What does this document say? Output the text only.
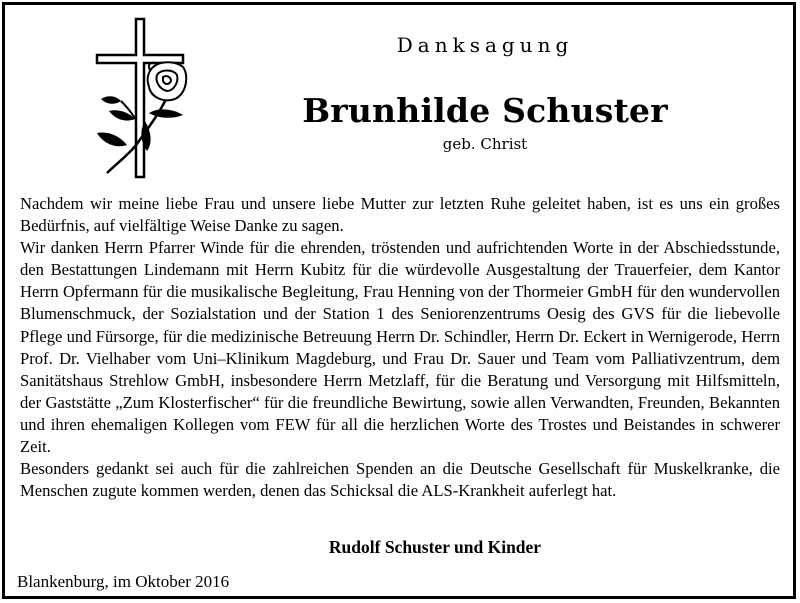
Danksagung
Brunhilde Schuster
geb. Christ

Nachdem wir meine liebe Frau und unsere liebe Mutter zur letzten Ruhe geleitet haben, ist es uns ein großes Bedürfnis, auf vielfältige Weise Danke zu sagen.

Wir danken Herrn Pfarrer Winde für die ehrenden, tröstenden und aufrichtenden Worte in der Abschiedsstunde, den Bestattungen Lindemann mit Herrn Kubitz für die würdevolle Ausgestaltung der Trauerfeier, dem Kantor Herrn Opfermann für die musikalische Begleitung, Frau Henning von der Thormeier GmbH für den wundervollen Blumenschmuck, der Sozialstation und der Station 1 des Seniorenzentrums Oesig des GVS für die liebevolle Pflege und Fürsorge, für die medizinische Betreuung Herrn Dr. Schindler, Herrn Dr. Eckert in Wernigerode, Herrn Prof. Dr. Vielhaber vom Uni–Klinikum Magdeburg, und Frau Dr. Sauer und Team vom Palliativzentrum, dem Sanitätshaus Strehlow GmbH, insbesondere Herrn Metzlaff, für die Beratung und Versorgung mit Hilfsmitteln, der Gaststätte „Zum Klosterfischer“ für die freundliche Bewirtung, sowie allen Verwandten, Freunden, Bekannten und ihren ehemaligen Kollegen vom FEW für all die herzlichen Worte des Trostes und Beistandes in schwerer Zeit.

Besonders gedankt sei auch für die zahlreichen Spenden an die Deutsche Gesellschaft für Muskelkranke, die Menschen zugute kommen werden, denen das Schicksal die ALS-Krankheit auferlegt hat.

Rudolf Schuster und Kinder
Blankenburg, im Oktober 2016
